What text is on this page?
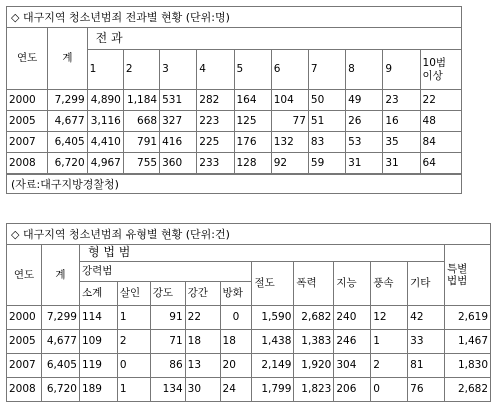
◇ 대구지역 청소년범죄 전과별 현황 (단위:명)
연도	계	전 과									
		1	2	3	4	5	6	7	8	9	10범
이상

2000	7,299	4,890	1,184	531	282	164	104	50	49	23	22
2005	4,677	3,116	668	327	223	125	77	51	26	16	48
2007	6,405	4,410	791	416	225	176	132	83	53	35	84
2008	6,720	4,967	755	360	233	128	92	59	31	31	64
(자료:대구지방경찰청)
◇ 대구지역 청소년범죄 유형별 현황 (단위:건)
연도	계	형 법 범										특별
법범

		강력범					절도	폭력	지능	풍속	기타	
		소계	살인	강도	강간	방화						
2000	7,299	114	1	91	22	0	1,590	2,682	240	12	42	2,619
2005	4,677	109	2	71	18	18	1,438	1,383	246	1	33	1,467
2007	6,405	119	0	86	13	20	2,149	1,920	304	2	81	1,830
2008	6,720	189	1	134	30	24	1,799	1,823	206	0	76	2,682
